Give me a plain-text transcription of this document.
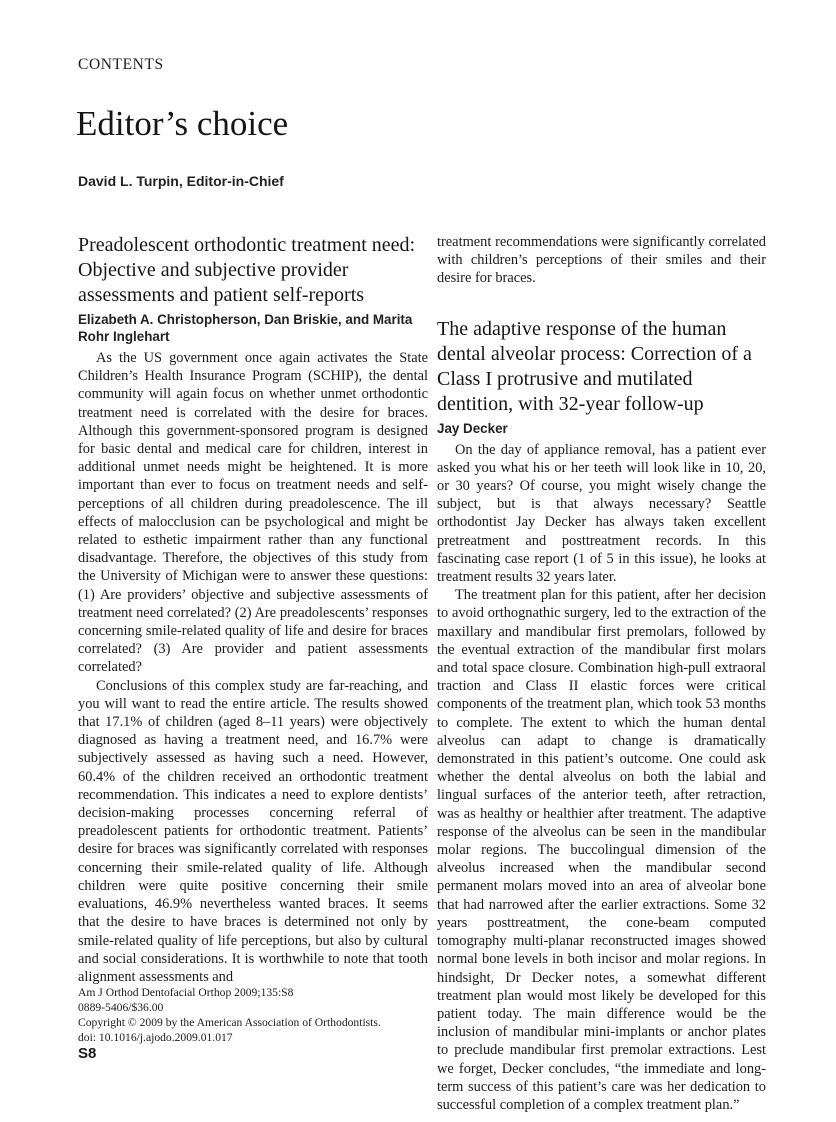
CONTENTS
Editor’s choice
David L. Turpin, Editor-in-Chief
Preadolescent orthodontic treatment need: Objective and subjective provider assessments and patient self-reports
Elizabeth A. Christopherson, Dan Briskie, and Marita Rohr Inglehart

As the US government once again activates the State Children’s Health Insurance Program (SCHIP), the dental community will again focus on whether unmet orthodontic treatment need is correlated with the desire for braces. Although this government-sponsored program is designed for basic dental and medical care for children, interest in additional unmet needs might be heightened. It is more important than ever to focus on treatment needs and self-perceptions of all children during preadolescence. The ill effects of malocclusion can be psychological and might be related to esthetic impairment rather than any functional disadvantage. Therefore, the objectives of this study from the University of Michigan were to answer these questions: (1) Are providers’ objective and subjective assessments of treatment need correlated? (2) Are preadolescents’ responses concerning smile-related quality of life and desire for braces correlated? (3) Are provider and patient assessments correlated?

Conclusions of this complex study are far-reaching, and you will want to read the entire article. The results showed that 17.1% of children (aged 8–11 years) were objectively diagnosed as having a treatment need, and 16.7% were subjectively assessed as having such a need. However, 60.4% of the children received an orthodontic treatment recommendation. This indicates a need to explore dentists’ decision-making processes concerning referral of preadolescent patients for orthodontic treatment. Patients’ desire for braces was significantly correlated with responses concerning their smile-related quality of life. Although children were quite positive concerning their smile evaluations, 46.9% nevertheless wanted braces. It seems that the desire to have braces is determined not only by smile-related quality of life perceptions, but also by cultural and social considerations. It is worthwhile to note that tooth alignment assessments and

treatment recommendations were significantly correlated with children’s perceptions of their smiles and their desire for braces.

The adaptive response of the human dental alveolar process: Correction of a Class I protrusive and mutilated dentition, with 32-year follow-up
Jay Decker

On the day of appliance removal, has a patient ever asked you what his or her teeth will look like in 10, 20, or 30 years? Of course, you might wisely change the subject, but is that always necessary? Seattle orthodontist Jay Decker has always taken excellent pretreatment and posttreatment records. In this fascinating case report (1 of 5 in this issue), he looks at treatment results 32 years later.

The treatment plan for this patient, after her decision to avoid orthognathic surgery, led to the extraction of the maxillary and mandibular first premolars, followed by the eventual extraction of the mandibular first molars and total space closure. Combination high-pull extraoral traction and Class II elastic forces were critical components of the treatment plan, which took 53 months to complete. The extent to which the human dental alveolus can adapt to change is dramatically demonstrated in this patient’s outcome. One could ask whether the dental alveolus on both the labial and lingual surfaces of the anterior teeth, after retraction, was as healthy or healthier after treatment. The adaptive response of the alveolus can be seen in the mandibular molar regions. The buccolingual dimension of the alveolus increased when the mandibular second permanent molars moved into an area of alveolar bone that had narrowed after the earlier extractions. Some 32 years posttreatment, the cone-beam computed tomography multi-planar reconstructed images showed normal bone levels in both incisor and molar regions. In hindsight, Dr Decker notes, a somewhat different treatment plan would most likely be developed for this patient today. The main difference would be the inclusion of mandibular mini-implants or anchor plates to preclude mandibular first premolar extractions. Lest we forget, Decker concludes, “the immediate and long-term success of this patient’s care was her dedication to successful completion of a complex treatment plan.”

Am J Orthod Dentofacial Orthop 2009;135:S8
0889-5406/$36.00
Copyright © 2009 by the American Association of Orthodontists.
doi: 10.1016/j.ajodo.2009.01.017
S8
